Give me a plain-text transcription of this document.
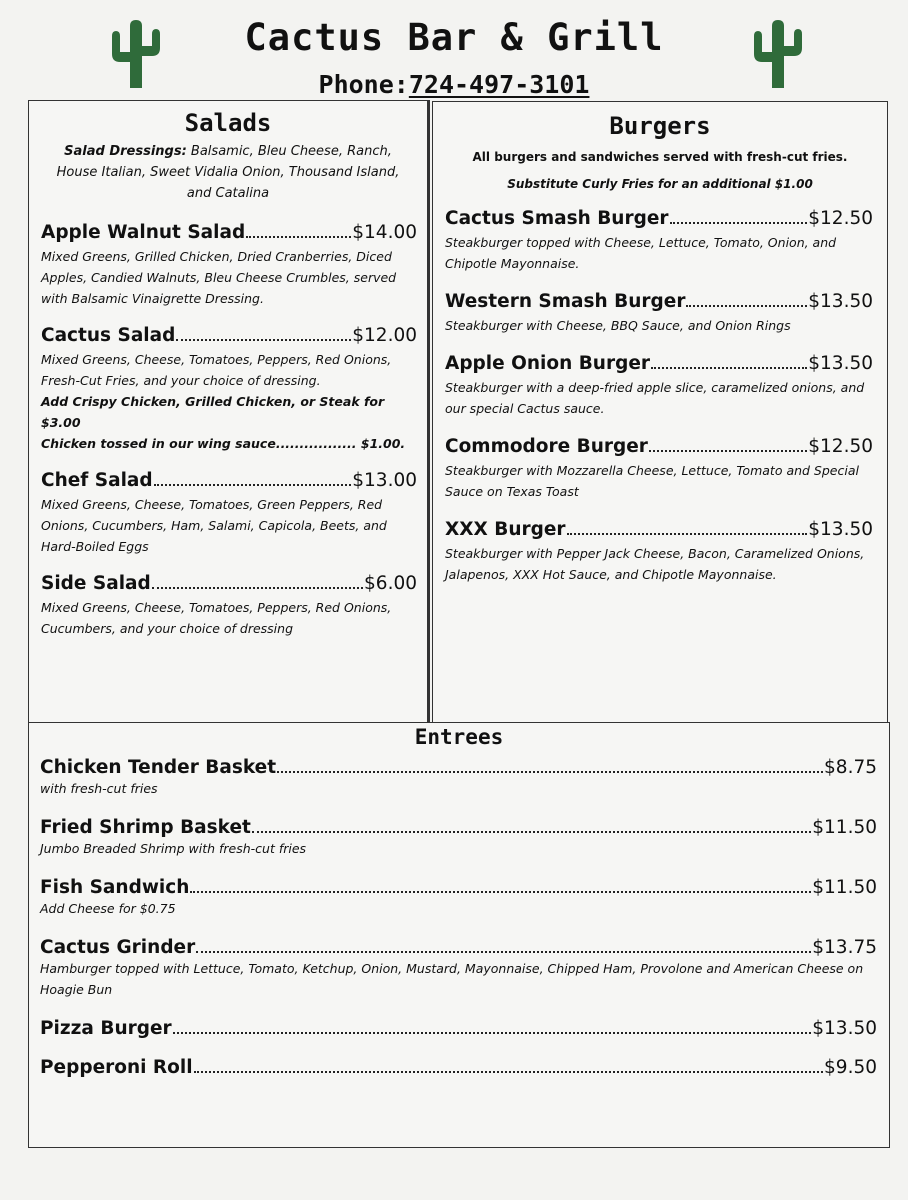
Cactus Bar & Grill
Phone:724-497-3101
Salads

Salad Dressings: Balsamic, Bleu Cheese, Ranch, House Italian, Sweet Vidalia Onion, Thousand Island, and Catalina

Apple Walnut Salad	$14.00

Mixed Greens, Grilled Chicken, Dried Cranberries, Diced Apples, Candied Walnuts, Bleu Cheese Crumbles, served with Balsamic Vinaigrette Dressing.

Cactus Salad	$12.00

Mixed Greens, Cheese, Tomatoes, Peppers, Red Onions, Fresh-Cut Fries, and your choice of dressing.

Add Crispy Chicken, Grilled Chicken, or Steak for $3.00

Chicken tossed in our wing sauce................. $1.00.

Chef Salad	$13.00

Mixed Greens, Cheese, Tomatoes, Green Peppers, Red Onions, Cucumbers, Ham, Salami, Capicola, Beets, and Hard-Boiled Eggs

Side Salad	$6.00

Mixed Greens, Cheese, Tomatoes, Peppers, Red Onions, Cucumbers, and your choice of dressing

Burgers
All burgers and sandwiches served with fresh-cut fries.
Substitute Curly Fries for an additional $1.00
Cactus Smash Burger	$12.50

Steakburger topped with Cheese, Lettuce, Tomato, Onion, and Chipotle Mayonnaise.

Western Smash Burger	$13.50

Steakburger with Cheese, BBQ Sauce, and Onion Rings

Apple Onion Burger	$13.50

Steakburger with a deep-fried apple slice, caramelized onions, and our special Cactus sauce.

Commodore Burger	$12.50

Steakburger with Mozzarella Cheese, Lettuce, Tomato and Special Sauce on Texas Toast

XXX Burger	$13.50

Steakburger with Pepper Jack Cheese, Bacon, Caramelized Onions, Jalapenos, XXX Hot Sauce, and Chipotle Mayonnaise.

Entrees
Chicken Tender Basket	$8.75

with fresh-cut fries

Fried Shrimp Basket	$11.50

Jumbo Breaded Shrimp with fresh-cut fries

Fish Sandwich	$11.50

Add Cheese for $0.75

Cactus Grinder	$13.75

Hamburger topped with Lettuce, Tomato, Ketchup, Onion, Mustard, Mayonnaise, Chipped Ham, Provolone and American Cheese on Hoagie Bun

Pizza Burger	$13.50
Pepperoni Roll	$9.50
